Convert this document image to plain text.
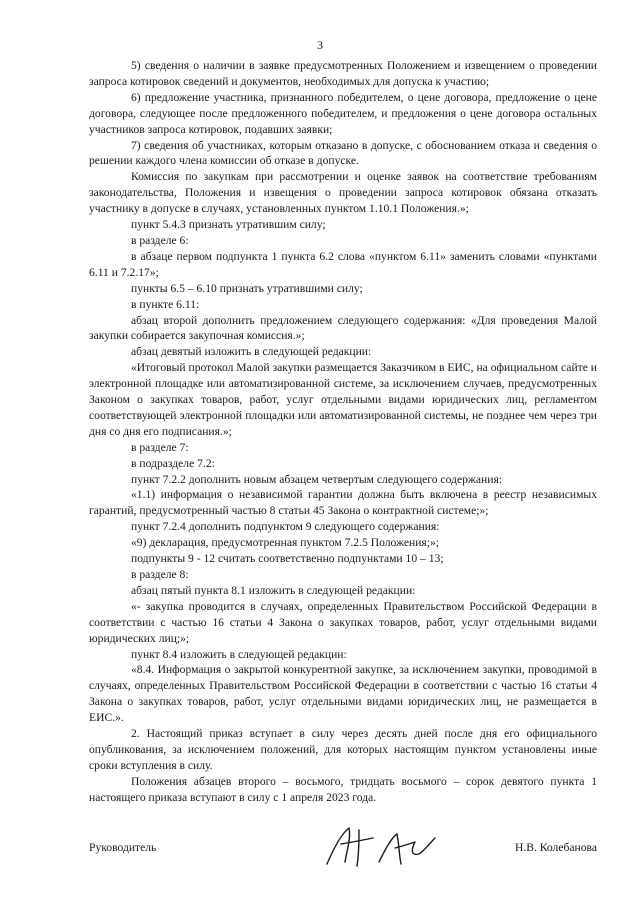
3

5) сведения о наличии в заявке предусмотренных Положением и извещением о проведении запроса котировок сведений и документов, необходимых для допуска к участию;

6) предложение участника, признанного победителем, о цене договора, предложение о цене договора, следующее после предложенного победителем, и предложения о цене договора остальных участников запроса котировок, подавших заявки;

7) сведения об участниках, которым отказано в допуске, с обоснованием отказа и сведения о решении каждого члена комиссии об отказе в допуске.

Комиссия по закупкам при рассмотрении и оценке заявок на соответствие требованиям законодательства, Положения и извещения о проведении запроса котировок обязана отказать участнику в допуске в случаях, установленных пунктом 1.10.1 Положения.»;

пункт 5.4.3 признать утратившим силу;

в разделе 6:

в абзаце первом подпункта 1 пункта 6.2 слова «пунктом 6.11» заменить словами «пунктами 6.11 и 7.2.17»;

пункты 6.5 – 6.10 признать утратившими силу;

в пункте 6.11:

абзац второй дополнить предложением следующего содержания: «Для проведения Малой закупки собирается закупочная комиссия.»;

абзац девятый изложить в следующей редакции:

«Итоговый протокол Малой закупки размещается Заказчиком в ЕИС, на официальном сайте и электронной площадке или автоматизированной системе, за исключением случаев, предусмотренных Законом о закупках товаров, работ, услуг отдельными видами юридических лиц, регламентом соответствующей электронной площадки или автоматизированной системы, не позднее чем через три дня со дня его подписания.»;

в разделе 7:

в подразделе 7.2:

пункт 7.2.2 дополнить новым абзацем четвертым следующего содержания:

«1.1) информация о независимой гарантии должна быть включена в реестр независимых гарантий, предусмотренный частью 8 статьи 45 Закона о контрактной системе;»;

пункт 7.2.4 дополнить подпунктом 9 следующего содержания:

«9) декларация, предусмотренная пунктом 7.2.5 Положения;»;

подпункты 9 - 12 считать соответственно подпунктами 10 – 13;

в разделе 8:

абзац пятый пункта 8.1 изложить в следующей редакции:

«- закупка проводится в случаях, определенных Правительством Российской Федерации в соответствии с частью 16 статьи 4 Закона о закупках товаров, работ, услуг отдельными видами юридических лиц;»;

пункт 8.4 изложить в следующей редакции:

«8.4. Информация о закрытой конкурентной закупке, за исключением закупки, проводимой в случаях, определенных Правительством Российской Федерации в соответствии с частью 16 статьи 4 Закона о закупках товаров, работ, услуг отдельными видами юридических лиц, не размещается в ЕИС.».

2. Настоящий приказ вступает в силу через десять дней после дня его официального опубликования, за исключением положений, для которых настоящим пунктом установлены иные сроки вступления в силу.

Положения абзацев второго – восьмого, тридцать восьмого – сорок девятого пункта 1 настоящего приказа вступают в силу с 1 апреля 2023 года.

Руководитель	Н.В. Колебанова
